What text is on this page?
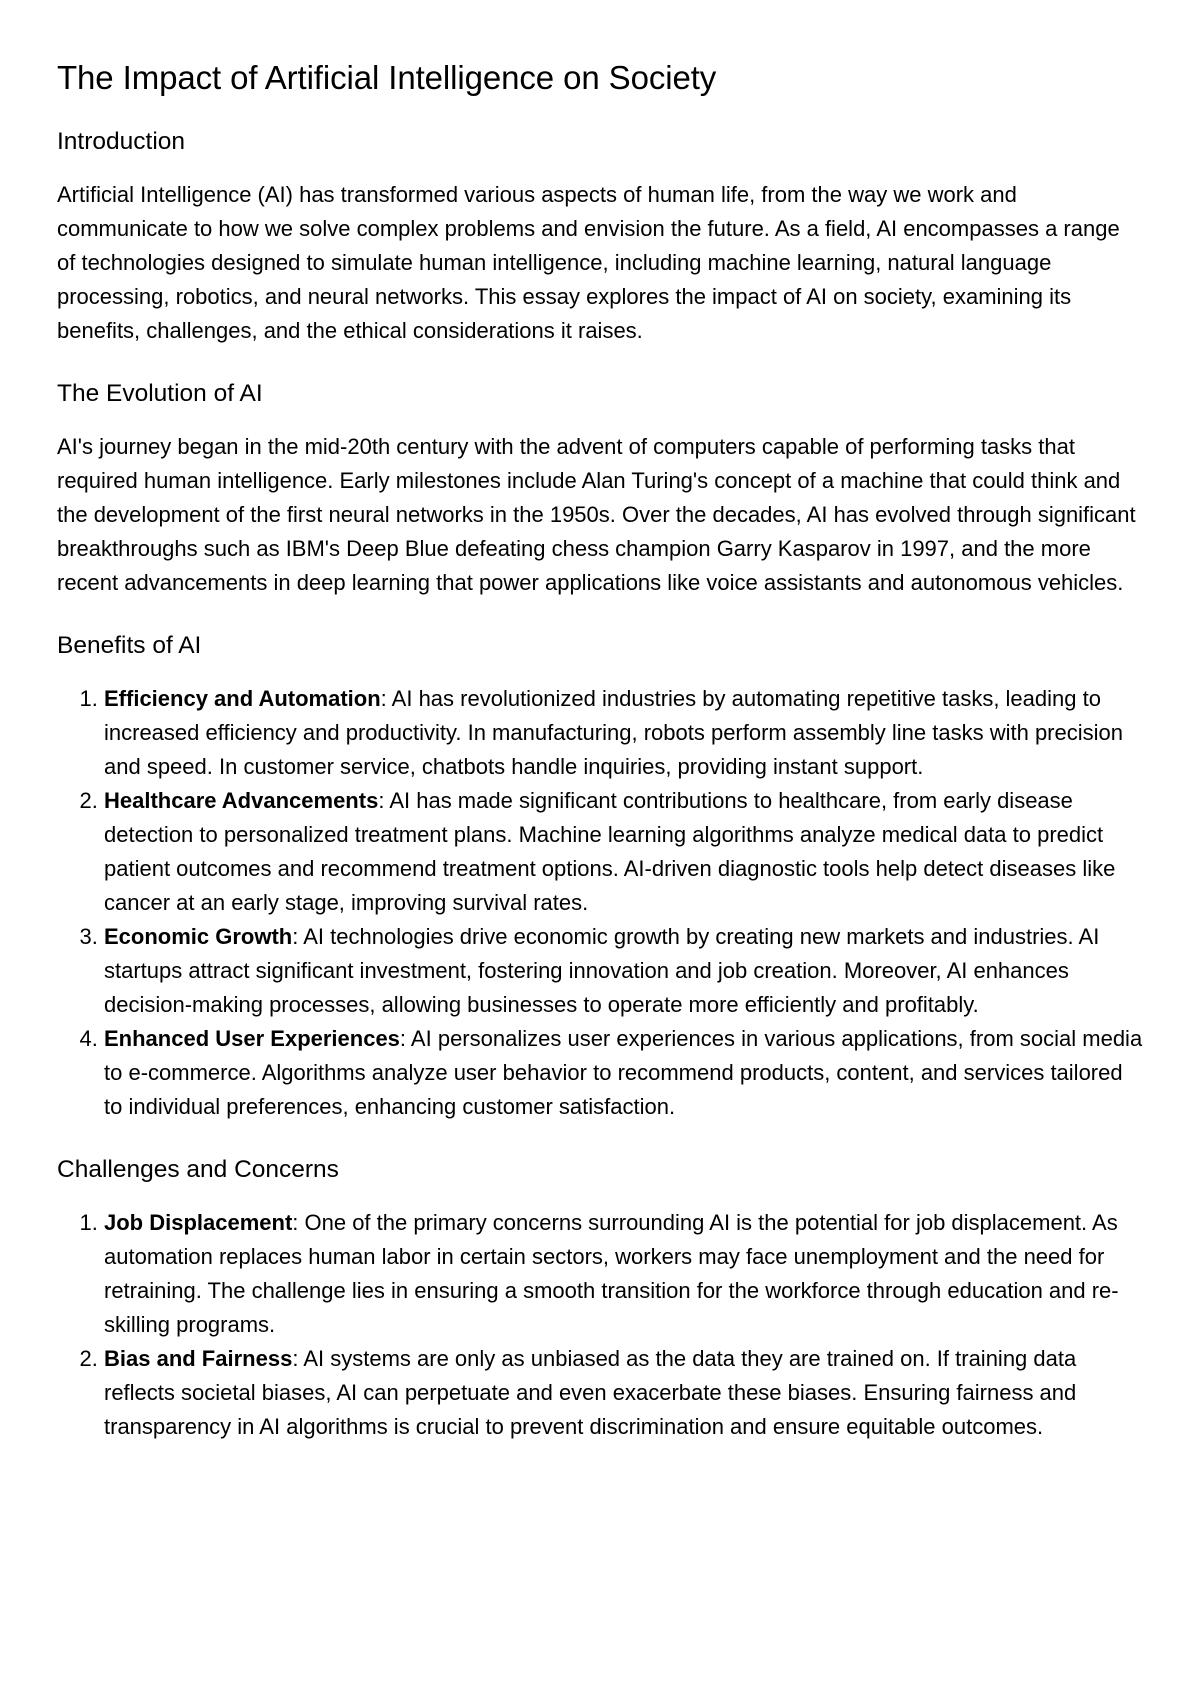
The Impact of Artificial Intelligence on Society
Introduction

Artificial Intelligence (AI) has transformed various aspects of human life, from the way we work and communicate to how we solve complex problems and envision the future. As a field, AI encompasses a range of technologies designed to simulate human intelligence, including machine learning, natural language processing, robotics, and neural networks. This essay explores the impact of AI on society, examining its benefits, challenges, and the ethical considerations it raises.

The Evolution of AI

AI's journey began in the mid-20th century with the advent of computers capable of performing tasks that required human intelligence. Early milestones include Alan Turing's concept of a machine that could think and the development of the first neural networks in the 1950s. Over the decades, AI has evolved through significant breakthroughs such as IBM's Deep Blue defeating chess champion Garry Kasparov in 1997, and the more recent advancements in deep learning that power applications like voice assistants and autonomous vehicles.

Benefits of AI
1. Efficiency and Automation: AI has revolutionized industries by automating repetitive tasks, leading to increased efficiency and productivity. In manufacturing, robots perform assembly line tasks with precision and speed. In customer service, chatbots handle inquiries, providing instant support.
2. Healthcare Advancements: AI has made significant contributions to healthcare, from early disease detection to personalized treatment plans. Machine learning algorithms analyze medical data to predict patient outcomes and recommend treatment options. AI-driven diagnostic tools help detect diseases like cancer at an early stage, improving survival rates.
3. Economic Growth: AI technologies drive economic growth by creating new markets and industries. AI startups attract significant investment, fostering innovation and job creation. Moreover, AI enhances decision-making processes, allowing businesses to operate more efficiently and profitably.
4. Enhanced User Experiences: AI personalizes user experiences in various applications, from social media to e-commerce. Algorithms analyze user behavior to recommend products, content, and services tailored to individual preferences, enhancing customer satisfaction.
Challenges and Concerns
1. Job Displacement: One of the primary concerns surrounding AI is the potential for job displacement. As automation replaces human labor in certain sectors, workers may face unemployment and the need for retraining. The challenge lies in ensuring a smooth transition for the workforce through education and re-skilling programs.
2. Bias and Fairness: AI systems are only as unbiased as the data they are trained on. If training data reflects societal biases, AI can perpetuate and even exacerbate these biases. Ensuring fairness and transparency in AI algorithms is crucial to prevent discrimination and ensure equitable outcomes.
